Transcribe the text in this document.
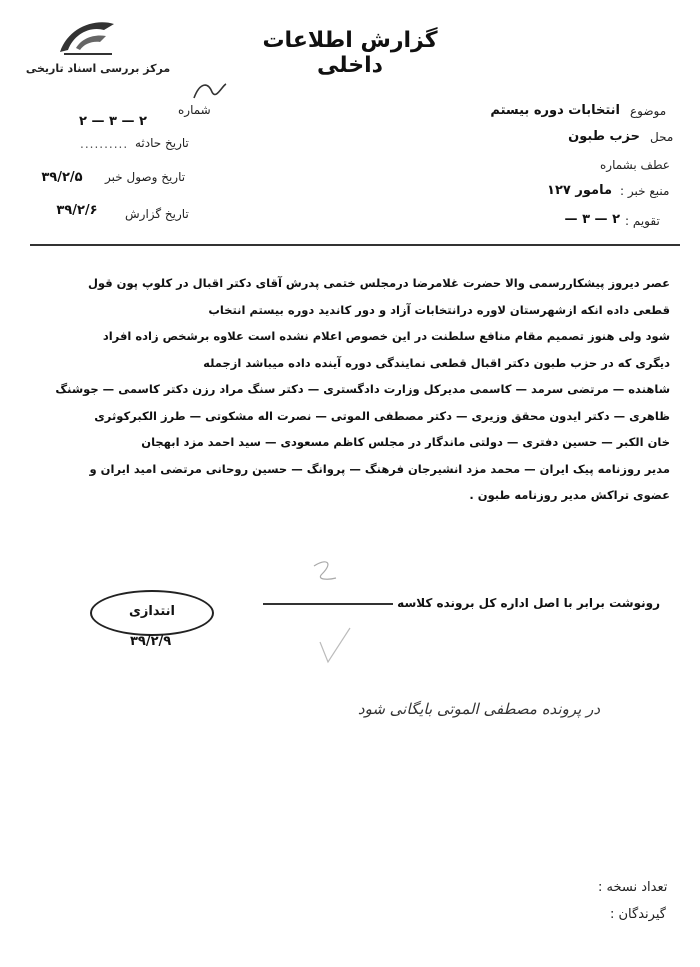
مرکز بررسی اسناد تاریخی
گزارش اطلاعات داخلی
موضوع
انتخابات دوره بیستم
محل
حزب طبون
عطف بشماره
منبع خبر :
مامور ۱۲۷
تقویم :
۲ — ۳ —
شماره
۲ — ۳ — ۲
تاریخ حادثه
..........
تاریخ وصول خبر
۳۹/۲/۵
تاریخ گزارش
۳۹/۲/۶
عصر دیروز پیشکاررسمی والا حضرت غلامرضا درمجلس ختمی پدرش آقای دکتر اقبال در کلوپ پون قول
قطعی داده انکه ازشهرستان لاوره درانتخابات آزاد و دور کاندید دوره بیستم انتخاب
شود ولی هنوز تصمیم مقام منافع سلطنت در این خصوص اعلام نشده است علاوه برشخص زاده افراد
دیگری که در حزب طبون دکتر اقبال قطعی نمایندگی دوره آینده داده میباشد ازجمله
شاهنده — مرتضی سرمد — کاسمی مدیرکل وزارت دادگستری — دکتر سنگ مراد رزن دکتر کاسمی — جوشنگ
ظاهری — دکتر ایدون محقق وزیری — دکتر مصطفی الموتی — نصرت اله مشکوتی — طرز الکبرکوثری
خان الکبر — حسین دفتری — دولتی ماندگار در مجلس کاظم مسعودی — سید احمد مزد ابهجان
مدیر روزنامه پیک ایران — محمد مزد انشیرجان فرهنگ — پروانگ — حسین روحانی مرتضی امید ایران و
عضوی تراکش مدیر روزنامه طبون .
انتدازی
۳۹/۲/۹
رونوشت برابر با اصل اداره کل برونده کلاسه
در پرونده مصطفی الموتی بایگانی شود
تعداد نسخه :
گیرندگان :
